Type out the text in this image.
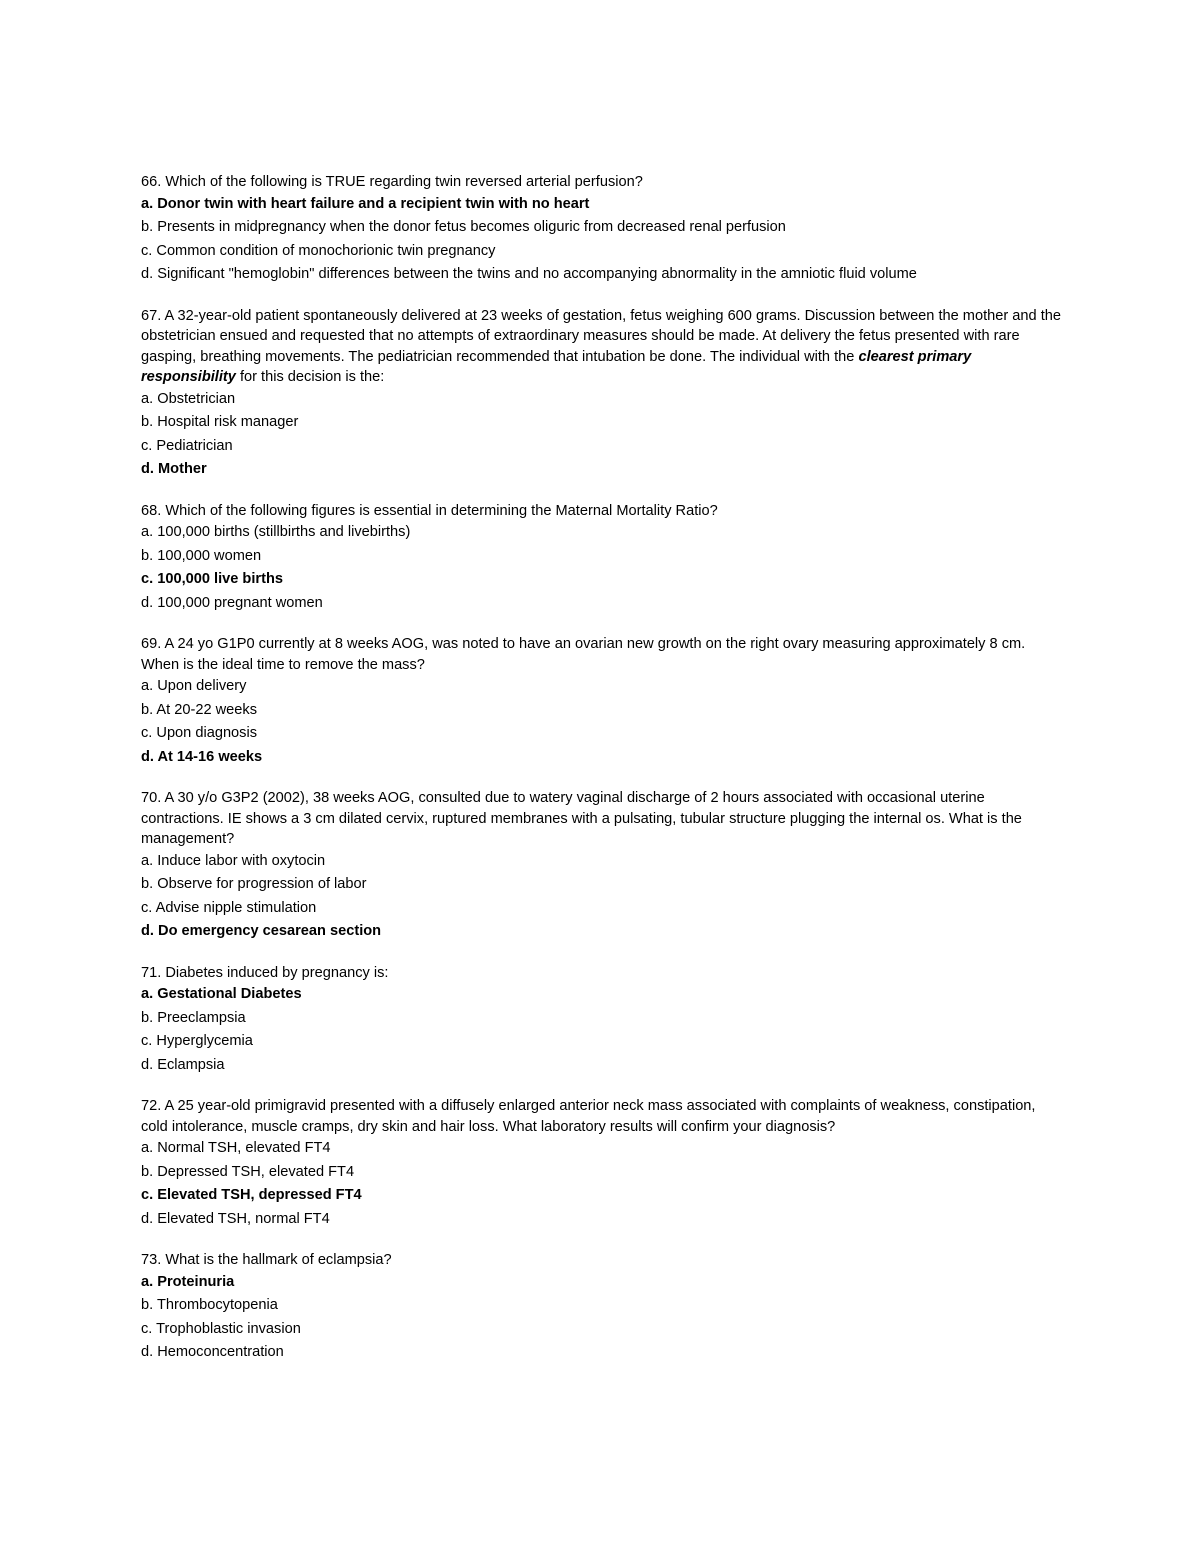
66. Which of the following is TRUE regarding twin reversed arterial perfusion?

a. Donor twin with heart failure and a recipient twin with no heart

b. Presents in midpregnancy when the donor fetus becomes oliguric from decreased renal perfusion

c. Common condition of monochorionic twin pregnancy

d. Significant "hemoglobin" differences between the twins and no accompanying abnormality in the amniotic fluid volume

67. A 32-year-old patient spontaneously delivered at 23 weeks of gestation, fetus weighing 600 grams. Discussion between the mother and the obstetrician ensued and requested that no attempts of extraordinary measures should be made. At delivery the fetus presented with rare gasping, breathing movements. The pediatrician recommended that intubation be done. The individual with the clearest primary responsibility for this decision is the:

a. Obstetrician

b. Hospital risk manager

c. Pediatrician

d. Mother

68. Which of the following figures is essential in determining the Maternal Mortality Ratio?

a. 100,000 births (stillbirths and livebirths)

b. 100,000 women

c. 100,000 live births

d. 100,000 pregnant women

69. A 24 yo G1P0 currently at 8 weeks AOG, was noted to have an ovarian new growth on the right ovary measuring approximately 8 cm. When is the ideal time to remove the mass?

a. Upon delivery

b. At 20-22 weeks

c. Upon diagnosis

d. At 14-16 weeks

70. A 30 y/o G3P2 (2002), 38 weeks AOG, consulted due to watery vaginal discharge of 2 hours associated with occasional uterine contractions. IE shows a 3 cm dilated cervix, ruptured membranes with a pulsating, tubular structure plugging the internal os. What is the management?

a. Induce labor with oxytocin

b. Observe for progression of labor

c. Advise nipple stimulation

d. Do emergency cesarean section

71. Diabetes induced by pregnancy is:

a. Gestational Diabetes

b. Preeclampsia

c. Hyperglycemia

d. Eclampsia

72. A 25 year-old primigravid presented with a diffusely enlarged anterior neck mass associated with complaints of weakness, constipation, cold intolerance, muscle cramps, dry skin and hair loss. What laboratory results will confirm your diagnosis?

a. Normal TSH, elevated FT4

b. Depressed TSH, elevated FT4

c. Elevated TSH, depressed FT4

d. Elevated TSH, normal FT4

73. What is the hallmark of eclampsia?

a. Proteinuria

b. Thrombocytopenia

c. Trophoblastic invasion

d. Hemoconcentration
